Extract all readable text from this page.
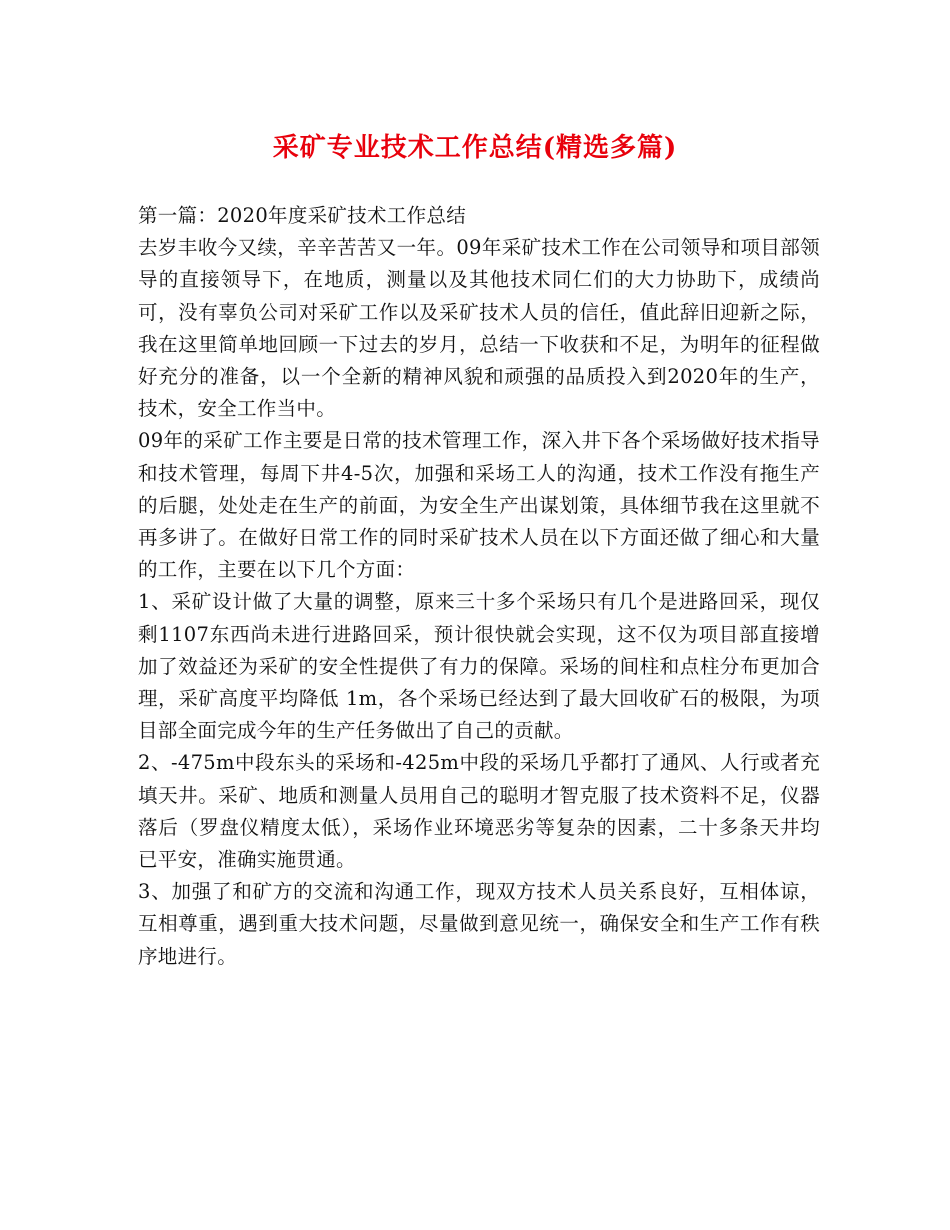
采矿专业技术工作总结(精选多篇)

第一篇：2020年度采矿技术工作总结

去岁丰收今又续，辛辛苦苦又一年。09年采矿技术工作在公司领导和项目部领导的直接领导下，在地质，测量以及其他技术同仁们的大力协助下，成绩尚可，没有辜负公司对采矿工作以及采矿技术人员的信任，值此辞旧迎新之际，我在这里简单地回顾一下过去的岁月，总结一下收获和不足，为明年的征程做好充分的准备，以一个全新的精神风貌和顽强的品质投入到2020年的生产，技术，安全工作当中。

09年的采矿工作主要是日常的技术管理工作，深入井下各个采场做好技术指导和技术管理，每周下井4-5次，加强和采场工人的沟通，技术工作没有拖生产的后腿，处处走在生产的前面，为安全生产出谋划策，具体细节我在这里就不再多讲了。在做好日常工作的同时采矿技术人员在以下方面还做了细心和大量的工作，主要在以下几个方面：

1、采矿设计做了大量的调整，原来三十多个采场只有几个是进路回采，现仅剩1107东西尚未进行进路回采，预计很快就会实现，这不仅为项目部直接增加了效益还为采矿的安全性提供了有力的保障。采场的间柱和点柱分布更加合理，采矿高度平均降低 1m，各个采场已经达到了最大回收矿石的极限，为项目部全面完成今年的生产任务做出了自己的贡献。

2、-475m中段东头的采场和-425m中段的采场几乎都打了通风、人行或者充填天井。采矿、地质和测量人员用自己的聪明才智克服了技术资料不足，仪器落后（罗盘仪精度太低），采场作业环境恶劣等复杂的因素，二十多条天井均已平安，准确实施贯通。

3、加强了和矿方的交流和沟通工作，现双方技术人员关系良好，互相体谅，互相尊重，遇到重大技术问题，尽量做到意见统一，确保安全和生产工作有秩序地进行。
